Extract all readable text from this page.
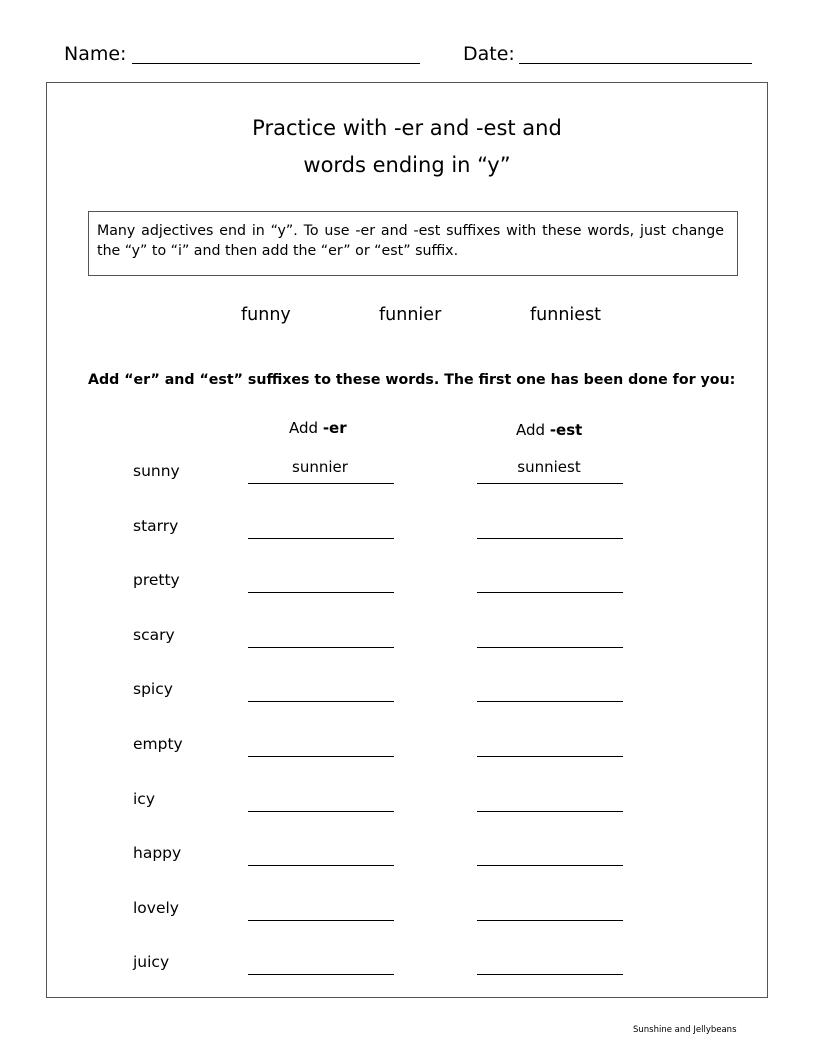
Name:	Date:
Practice with -er and -est and
words ending in “y”
Many adjectives end in “y”. To use -er and -est suffixes with these words, just change the “y” to “i” and then add the “er” or “est” suffix.
funny	funnier	funniest
Add “er” and “est” suffixes to these words. The first one has been done for you:
Add -er	Add -est
sunny	sunnier	sunniest
starry
pretty
scary
spicy
empty
icy
happy
lovely
juicy
Sunshine and Jellybeans
